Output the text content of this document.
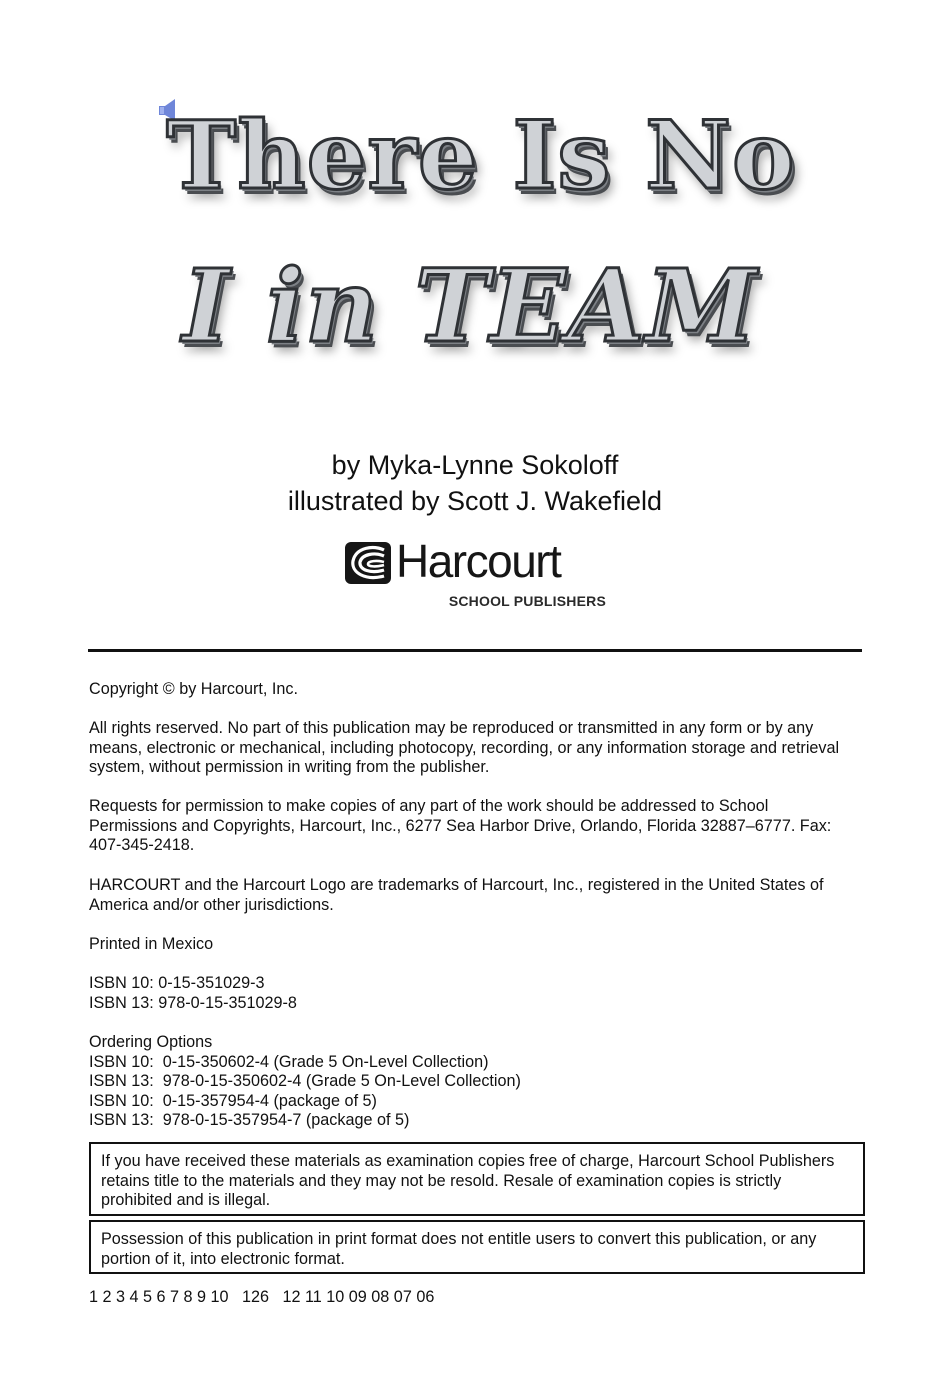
There Is No
I in TEAM
by Myka-Lynne Sokoloff
illustrated by Scott J. Wakefield
Harcourt
SCHOOL PUBLISHERS

Copyright © by Harcourt, Inc.

All rights reserved. No part of this publication may be reproduced or transmitted in any form or by any means, electronic or mechanical, including photocopy, recording, or any information storage and retrieval system, without permission in writing from the publisher.

Requests for permission to make copies of any part of the work should be addressed to School Permissions and Copyrights, Harcourt, Inc., 6277 Sea Harbor Drive, Orlando, Florida 32887–6777. Fax: 407-345-2418.

HARCOURT and the Harcourt Logo are trademarks of Harcourt, Inc., registered in the United States of America and/or other jurisdictions.

Printed in Mexico

ISBN 10: 0-15-351029-3

ISBN 13: 978-0-15-351029-8

Ordering Options

ISBN 10:  0-15-350602-4 (Grade 5 On-Level Collection)

ISBN 13:  978-0-15-350602-4 (Grade 5 On-Level Collection)

ISBN 10:  0-15-357954-4 (package of 5)

ISBN 13:  978-0-15-357954-7 (package of 5)

If you have received these materials as examination copies free of charge, Harcourt School Publishers retains title to the materials and they may not be resold. Resale of examination copies is strictly prohibited and is illegal.
Possession of this publication in print format does not entitle users to convert this publication, or any portion of it, into electronic format.
1 2 3 4 5 6 7 8 9 10   126   12 11 10 09 08 07 06
